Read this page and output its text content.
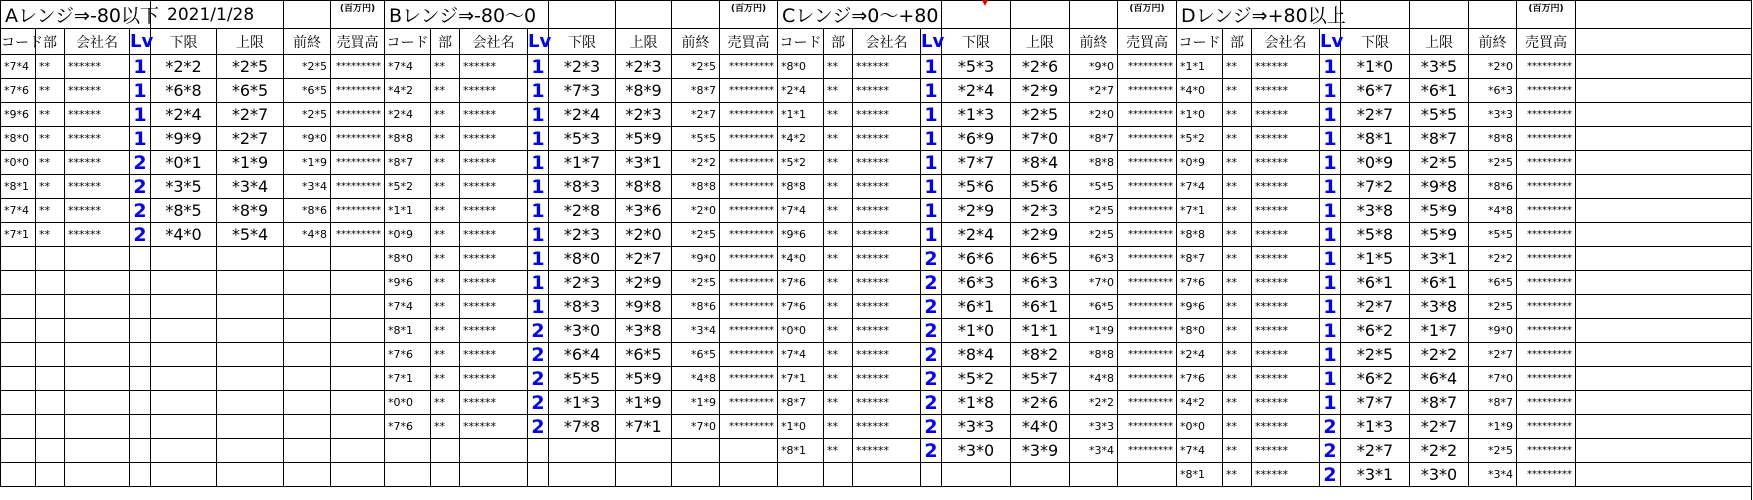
Aレンジ⇒-80以下				2021/1/28			(百万円)
コード	部	会社名	Lv	下限	上限	前終	売買高
*7*4	**	******	1	*2*2	*2*5	*2*5	*********
*7*6	**	******	1	*6*8	*6*5	*6*5	*********
*9*6	**	******	1	*2*4	*2*7	*2*5	*********
*8*0	**	******	1	*9*9	*2*7	*9*0	*********
*0*0	**	******	2	*0*1	*1*9	*1*9	*********
*8*1	**	******	2	*3*5	*3*4	*3*4	*********
*7*4	**	******	2	*8*5	*8*9	*8*6	*********
*7*1	**	******	2	*4*0	*5*4	*4*8	*********

Bレンジ⇒-80～0							(百万円)
コード	部	会社名	Lv	下限	上限	前終	売買高
*7*4	**	******	1	*2*3	*2*3	*2*5	*********
*4*2	**	******	1	*7*3	*8*9	*8*7	*********
*2*4	**	******	1	*2*4	*2*3	*2*7	*********
*8*8	**	******	1	*5*3	*5*9	*5*5	*********
*8*7	**	******	1	*1*7	*3*1	*2*2	*********
*5*2	**	******	1	*8*3	*8*8	*8*8	*********
*1*1	**	******	1	*2*8	*3*6	*2*0	*********
*0*9	**	******	1	*2*3	*2*0	*2*5	*********
*8*0	**	******	1	*8*0	*2*7	*9*0	*********
*9*6	**	******	1	*2*3	*2*9	*2*5	*********
*7*4	**	******	1	*8*3	*9*8	*8*6	*********
*8*1	**	******	2	*3*0	*3*8	*3*4	*********
*7*6	**	******	2	*6*4	*6*5	*6*5	*********
*7*1	**	******	2	*5*5	*5*9	*4*8	*********
*0*0	**	******	2	*1*3	*1*9	*1*9	*********
*7*6	**	******	2	*7*8	*7*1	*7*0	*********

Cレンジ⇒0～+80							(百万円)
コード	部	会社名	Lv	下限	上限	前終	売買高
*8*0	**	******	1	*5*3	*2*6	*9*0	*********
*2*4	**	******	1	*2*4	*2*9	*2*7	*********
*1*1	**	******	1	*1*3	*2*5	*2*0	*********
*4*2	**	******	1	*6*9	*7*0	*8*7	*********
*5*2	**	******	1	*7*7	*8*4	*8*8	*********
*8*8	**	******	1	*5*6	*5*6	*5*5	*********
*7*4	**	******	1	*2*9	*2*3	*2*5	*********
*9*6	**	******	1	*2*4	*2*9	*2*5	*********
*4*0	**	******	2	*6*6	*6*5	*6*3	*********
*7*6	**	******	2	*6*3	*6*3	*7*0	*********
*7*6	**	******	2	*6*1	*6*1	*6*5	*********
*0*0	**	******	2	*1*0	*1*1	*1*9	*********
*7*4	**	******	2	*8*4	*8*2	*8*8	*********
*7*1	**	******	2	*5*2	*5*7	*4*8	*********
*8*7	**	******	2	*1*8	*2*6	*2*2	*********
*1*0	**	******	2	*3*3	*4*0	*3*3	*********
*8*1	**	******	2	*3*0	*3*9	*3*4	*********

Dレンジ⇒+80以上							(百万円)	
コード	部	会社名	Lv	下限	上限	前終	売買高	
*1*1	**	******	1	*1*0	*3*5	*2*0	*********	
*4*0	**	******	1	*6*7	*6*1	*6*3	*********	
*1*0	**	******	1	*2*7	*5*5	*3*3	*********	
*5*2	**	******	1	*8*1	*8*7	*8*8	*********	
*0*9	**	******	1	*0*9	*2*5	*2*5	*********	
*7*4	**	******	1	*7*2	*9*8	*8*6	*********	
*7*1	**	******	1	*3*8	*5*9	*4*8	*********	
*8*8	**	******	1	*5*8	*5*9	*5*5	*********	
*8*7	**	******	1	*1*5	*3*1	*2*2	*********	
*7*6	**	******	1	*6*1	*6*1	*6*5	*********	
*9*6	**	******	1	*2*7	*3*8	*2*5	*********	
*8*0	**	******	1	*6*2	*1*7	*9*0	*********	
*2*4	**	******	1	*2*5	*2*2	*2*7	*********	
*7*6	**	******	1	*6*2	*6*4	*7*0	*********	
*4*2	**	******	1	*7*7	*8*7	*8*7	*********	
*0*0	**	******	2	*1*3	*2*7	*1*9	*********	
*7*4	**	******	2	*2*7	*2*2	*2*5	*********	
*8*1	**	******	2	*3*1	*3*0	*3*4	*********	
